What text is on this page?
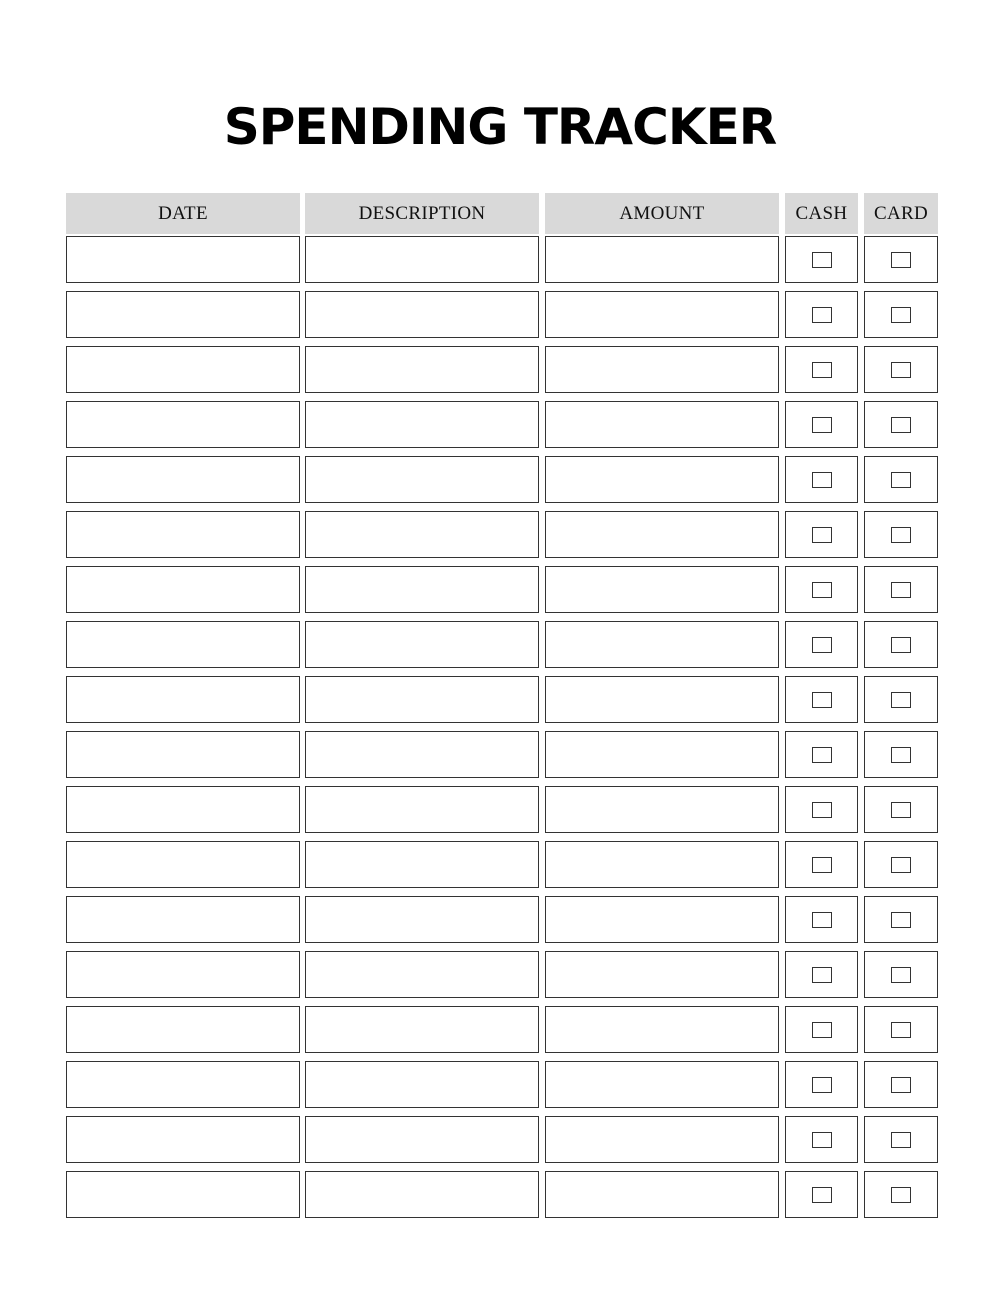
SPENDING TRACKER
DATE	DESCRIPTION	AMOUNT	CASH	CARD
